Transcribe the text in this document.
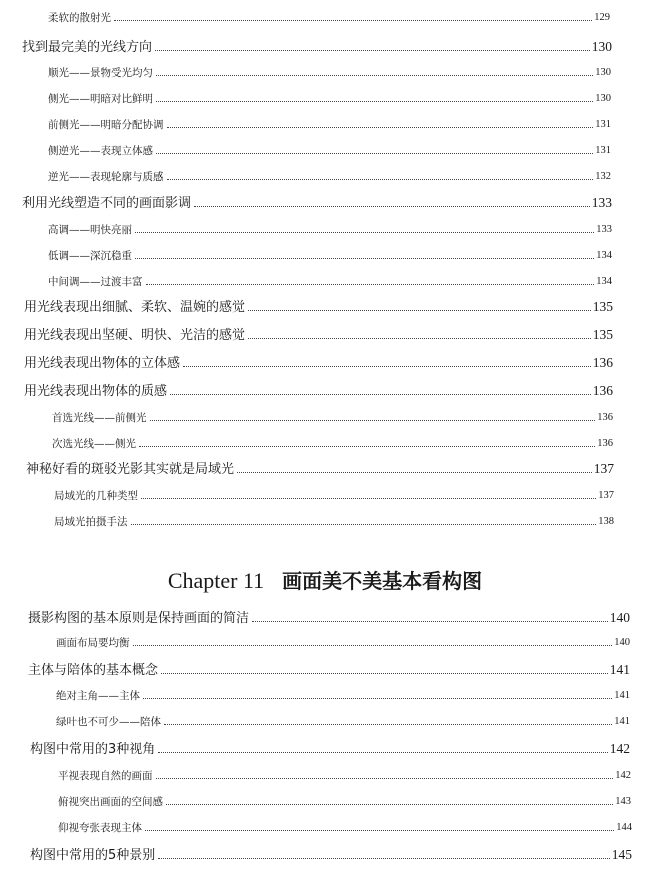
柔软的散射光	129
找到最完美的光线方向	130
顺光——景物受光均匀	130
侧光——明暗对比鲜明	130
前侧光——明暗分配协调	131
侧逆光——表现立体感	131
逆光——表现轮廓与质感	132
利用光线塑造不同的画面影调	133
高调——明快亮丽	133
低调——深沉稳重	134
中间调——过渡丰富	134
用光线表现出细腻、柔软、温婉的感觉	135
用光线表现出坚硬、明快、光洁的感觉	135
用光线表现出物体的立体感	136
用光线表现出物体的质感	136
首选光线——前侧光	136
次选光线——侧光	136
神秘好看的斑驳光影其实就是局域光	137
局域光的几种类型	137
局域光拍摄手法	138
Chapter 11 画面美不美基本看构图
摄影构图的基本原则是保持画面的简洁	140
画面布局要均衡	140
主体与陪体的基本概念	141
绝对主角——主体	141
绿叶也不可少——陪体	141
构图中常用的3种视角	142
平视表现自然的画面	142
俯视突出画面的空间感	143
仰视夸张表现主体	144
构图中常用的5种景别	145
